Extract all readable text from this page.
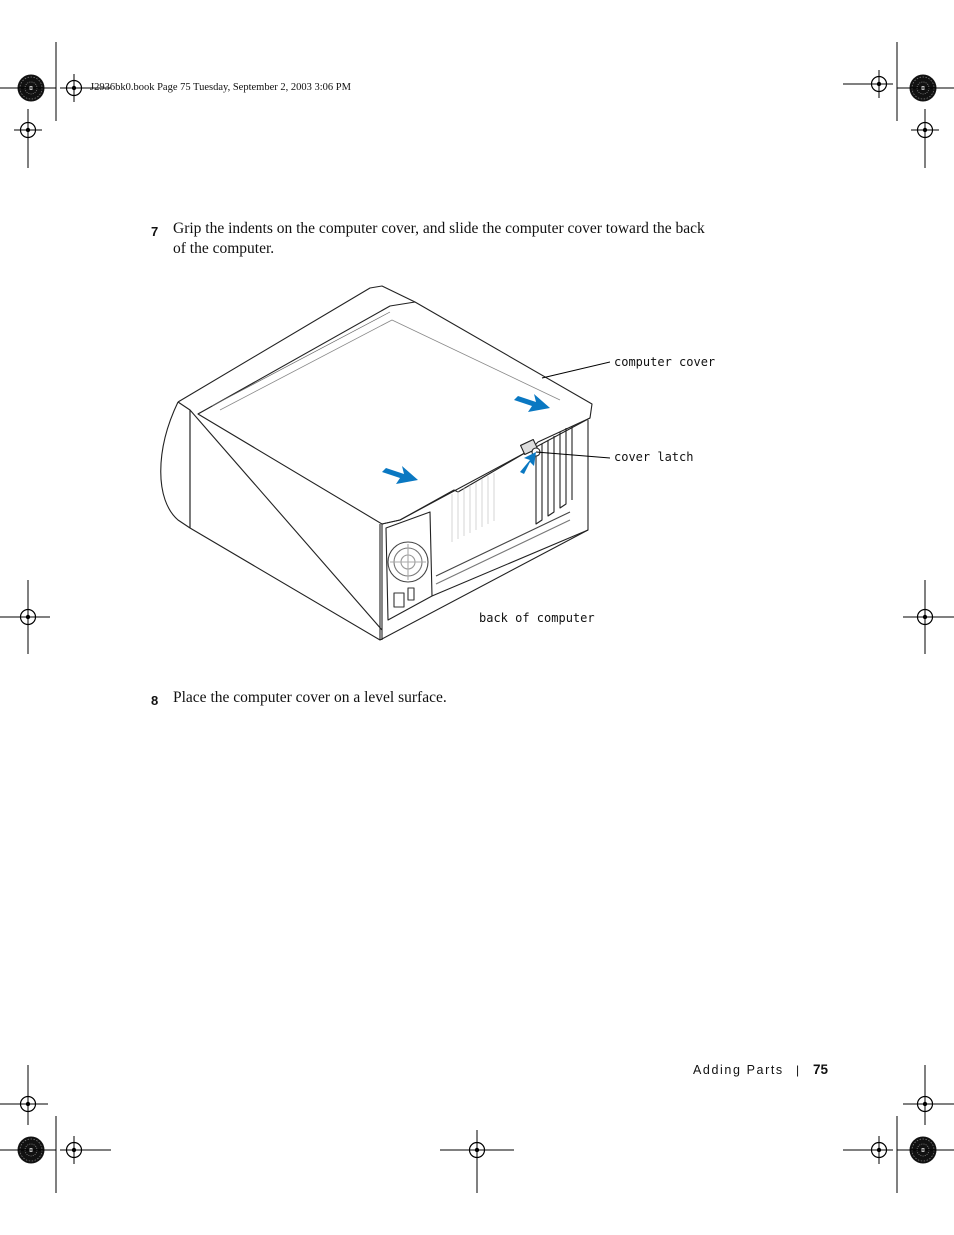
J2936bk0.book Page 75 Tuesday, September 2, 2003 3:06 PM
7 Grip the indents on the computer cover, and slide the computer cover toward the back
of the computer.
computer cover
cover latch
back of computer
8 Place the computer cover on a level surface.
Adding Parts | 75
